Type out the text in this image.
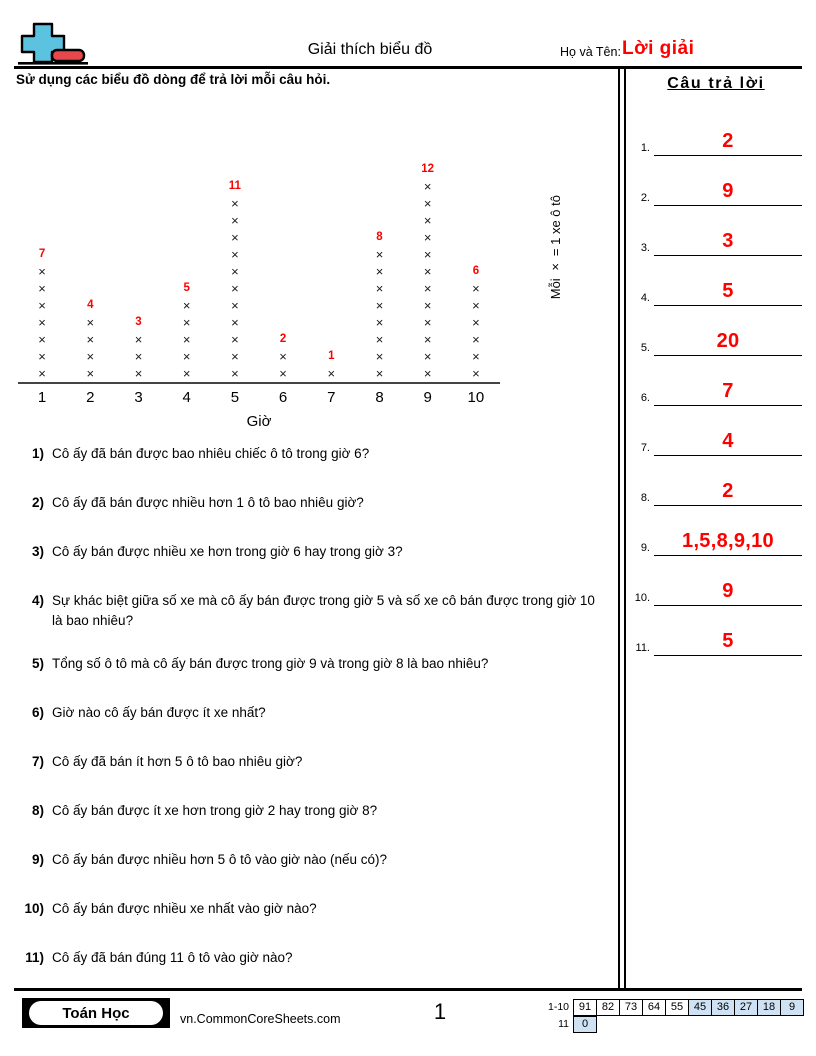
Giải thích biểu đồ	Họ và Tên: Lời giải
Sử dụng các biểu đồ dòng để trả lời mỗi câu hỏi.	Câu trả lời
1.	2
2.	9
3.	3
4.	5
5.	20
6.	7
7.	4
8.	2
9.	1,5,8,9,10
10.	9
11.	5
×
×
×
×
×
×
×
7
×
×
×
×
4
×
×
×
3
×
×
×
×
×
5
×
×
×
×
×
×
×
×
×
×
×
11
×
×
2
×
1
×
×
×
×
×
×
×
×
8
×
×
×
×
×
×
×
×
×
×
×
×
12
×
×
×
×
×
×
6
1	2	3	4	5	6	7	8	9	10
Giờ
Mỗi × = 1 xe ô tô
1) Cô ấy đã bán được bao nhiêu chiếc ô tô trong giờ 6?
2) Cô ấy đã bán được nhiều hơn 1 ô tô bao nhiêu giờ?
3) Cô ấy bán được nhiều xe hơn trong giờ 6 hay trong giờ 3?
4) Sự khác biệt giữa số xe mà cô ấy bán được trong giờ 5 và số xe cô bán được trong giờ 10 là bao nhiêu?
5) Tổng số ô tô mà cô ấy bán được trong giờ 9 và trong giờ 8 là bao nhiêu?
6) Giờ nào cô ấy bán được ít xe nhất?
7) Cô ấy đã bán ít hơn 5 ô tô bao nhiêu giờ?
8) Cô ấy bán được ít xe hơn trong giờ 2 hay trong giờ 8?
9) Cô ấy bán được nhiều hơn 5 ô tô vào giờ nào (nếu có)?
10) Cô ấy bán được nhiều xe nhất vào giờ nào?
11) Cô ấy đã bán đúng 11 ô tô vào giờ nào?
Toán Học	vn.CommonCoreSheets.com	1	1-10 91 82 73 64 55 45 36 27 18	9
11	0
